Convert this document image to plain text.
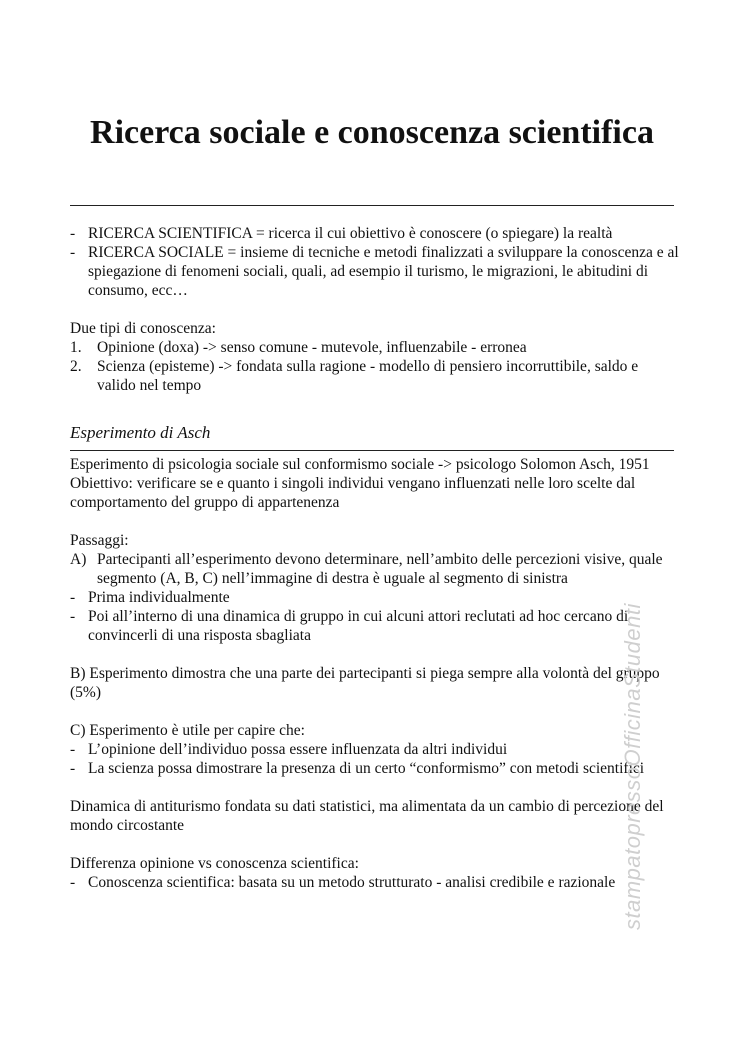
Ricerca sociale e conoscenza scientifica
- RICERCA SCIENTIFICA = ricerca il cui obiettivo è conoscere (o spiegare) la realtà
- RICERCA SOCIALE = insieme di tecniche e metodi finalizzati a sviluppare la conoscenza e al spiegazione di fenomeni sociali, quali, ad esempio il turismo, le migrazioni, le abitudini di consumo, ecc…
Due tipi di conoscenza:
1. Opinione (doxa) -> senso comune - mutevole, influenzabile - erronea
2. Scienza (episteme) -> fondata sulla ragione - modello di pensiero incorruttibile, saldo e valido nel tempo
Esperimento di Asch
Esperimento di psicologia sociale sul conformismo sociale -> psicologo Solomon Asch, 1951
Obiettivo: verificare se e quanto i singoli individui vengano influenzati nelle loro scelte dal comportamento del gruppo di appartenenza
Passaggi:
A) Partecipanti all’esperimento devono determinare, nell’ambito delle percezioni visive, quale segmento (A, B, C) nell’immagine di destra è uguale al segmento di sinistra
- Prima individualmente
- Poi all’interno di una dinamica di gruppo in cui alcuni attori reclutati ad hoc cercano di convincerli di una risposta sbagliata
B) Esperimento dimostra che una parte dei partecipanti si piega sempre alla volontà del gruppo (5%)
C) Esperimento è utile per capire che:
- L’opinione dell’individuo possa essere influenzata da altri individui
- La scienza possa dimostrare la presenza di un certo “conformismo” con metodi scientifici
Dinamica di antiturismo fondata su dati statistici, ma alimentata da un cambio di percezione del mondo circostante
Differenza opinione vs conoscenza scientifica:
- Conoscenza scientifica: basata su un metodo strutturato - analisi credibile e razionale stampatopressoOfficinaStudenti
